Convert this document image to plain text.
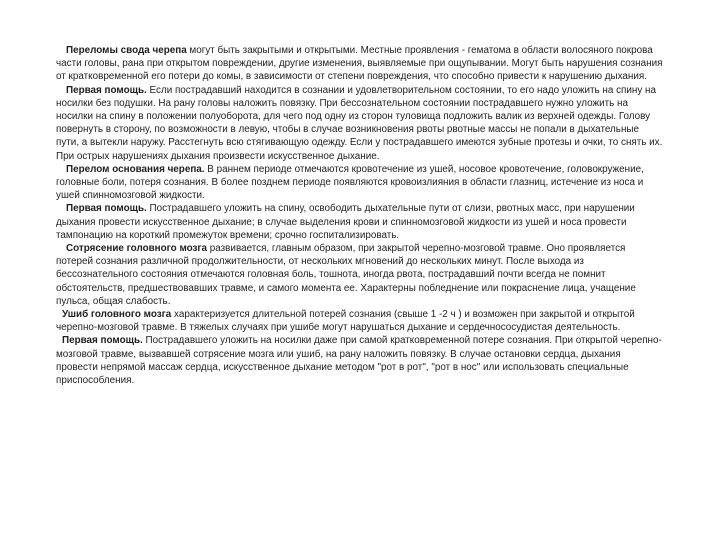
Переломы свода черепа могут быть закрытыми и открытыми. Местные проявления - гематома в области волосяного покрова части головы, рана при открытом повреждении, другие изменения, выявляемые при ощупывании. Могут быть нарушения сознания от кратковременной его потери до комы, в зависимости от степени повреждения, что способно привести к нарушению дыхания.

Первая помощь. Если пострадавший находится в сознании и удовлетворительном состоянии, то его надо уложить на спину на носилки без подушки. На рану головы наложить повязку. При бессознательном состоянии пострадавшего нужно уложить на носилки на спину в положении полуоборота, для чего под одну из сторон туловища подложить валик из верхней одежды. Голову повернуть в сторону, по возможности в левую, чтобы в случае возникновения рвоты рвотные массы не попали в дыхательные пути, а вытекли наружу. Расстегнуть всю стягивающую одежду. Если у пострадавшего имеются зубные протезы и очки, то снять их. При острых нарушениях дыхания произвести искусственное дыхание.

Перелом основания черепа. В раннем периоде отмечаются кровотечение из ушей, носовое кровотечение, головокружение, головные боли, потеря сознания. В более позднем периоде появляются кровоизлияния в области глазниц, истечение из носа и ушей спинномозговой жидкости.

Первая помощь. Пострадавшего уложить на спину, освободить дыхательные пути от слизи, рвотных масс, при нарушении дыхания провести искусственное дыхание; в случае выделения крови и спинномозговой жидкости из ушей и носа провести тампонацию на короткий промежуток времени; срочно госпитализировать.

Сотрясение головного мозга развивается, главным образом, при закрытой черепно-мозговой травме. Оно проявляется потерей сознания различной продолжительности, от нескольких мгновений до нескольких минут. После выхода из бессознательного состояния отмечаются головная боль, тошнота, иногда рвота, пострадавший почти всегда не помнит обстоятельств, предшествовавших травме, и самого момента ее. Характерны побледнение или покраснение лица, учащение пульса, общая слабость.

Ушиб головного мозга характеризуется длительной потерей сознания (свыше 1 -2 ч ) и возможен при закрытой и открытой черепно-мозговой травме. В тяжелых случаях при ушибе могут нарушаться дыхание и сердечнососудистая деятельность.

Первая помощь. Пострадавшего уложить на носилки даже при самой кратковременной потере сознания. При открытой черепно-мозговой травме, вызвавшей сотрясение мозга или ушиб, на рану наложить повязку. В случае остановки сердца, дыхания провести непрямой массаж сердца, искусственное дыхание методом "рот в рот", "рот в нос" или использовать специальные приспособления.
